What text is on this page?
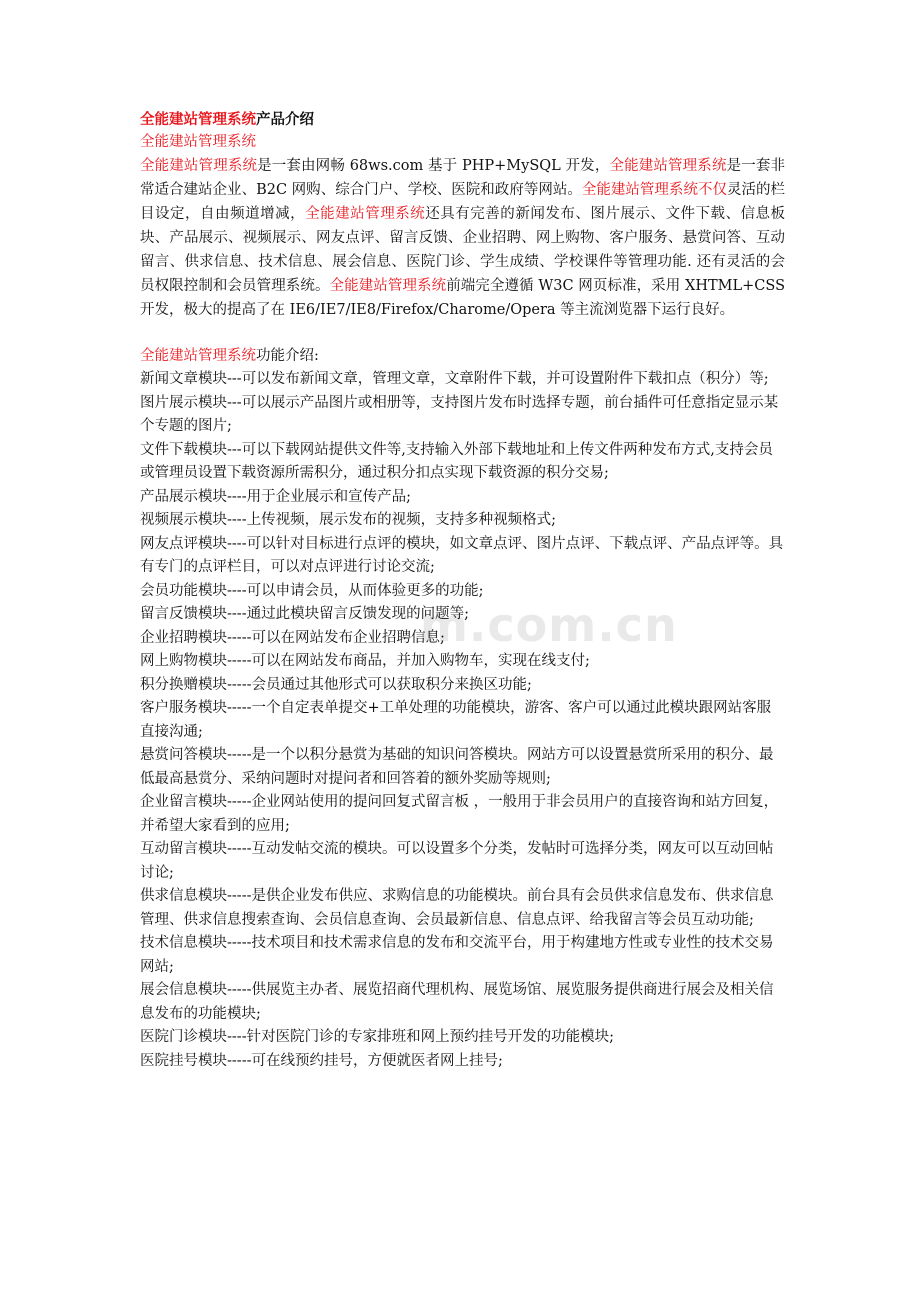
m.com.cn

全能建站管理系统产品介绍

全能建站管理系统

全能建站管理系统是一套由网畅 68ws.com 基于 PHP+MySQL 开发，全能建站管理系统是一套非常适合建站企业、B2C 网购、综合门户、学校、医院和政府等网站。全能建站管理系统不仅灵活的栏目设定，自由频道增减，全能建站管理系统还具有完善的新闻发布、图片展示、文件下载、信息板块、产品展示、视频展示、网友点评、留言反馈、企业招聘、网上购物、客户服务、悬赏问答、互动留言、供求信息、技术信息、展会信息、医院门诊、学生成绩、学校课件等管理功能. 还有灵活的会员权限控制和会员管理系统。全能建站管理系统前端完全遵循 W3C 网页标准，采用 XHTML+CSS 开发，极大的提高了在 IE6/IE7/IE8/Firefox/Charome/Opera 等主流浏览器下运行良好。

全能建站管理系统功能介绍:

新闻文章模块---可以发布新闻文章，管理文章，文章附件下载，并可设置附件下载扣点（积分）等;

图片展示模块---可以展示产品图片或相册等，支持图片发布时选择专题，前台插件可任意指定显示某个专题的图片;

文件下载模块---可以下载网站提供文件等,支持输入外部下载地址和上传文件两种发布方式,支持会员或管理员设置下载资源所需积分，通过积分扣点实现下载资源的积分交易;

产品展示模块----用于企业展示和宣传产品;

视频展示模块----上传视频，展示发布的视频，支持多种视频格式;

网友点评模块----可以针对目标进行点评的模块，如文章点评、图片点评、下载点评、产品点评等。具有专门的点评栏目，可以对点评进行讨论交流;

会员功能模块----可以申请会员，从而体验更多的功能;

留言反馈模块----通过此模块留言反馈发现的问题等;

企业招聘模块-----可以在网站发布企业招聘信息;

网上购物模块-----可以在网站发布商品，并加入购物车，实现在线支付;

积分换赠模块-----会员通过其他形式可以获取积分来换区功能;

客户服务模块-----一个自定表单提交+工单处理的功能模块，游客、客户可以通过此模块跟网站客服直接沟通;

悬赏问答模块-----是一个以积分悬赏为基础的知识问答模块。网站方可以设置悬赏所采用的积分、最低最高悬赏分、采纳问题时对提问者和回答着的额外奖励等规则;

企业留言模块-----企业网站使用的提问回复式留言板 ，一般用于非会员用户的直接咨询和站方回复，并希望大家看到的应用;

互动留言模块-----互动发帖交流的模块。可以设置多个分类，发帖时可选择分类，网友可以互动回帖讨论;

供求信息模块-----是供企业发布供应、求购信息的功能模块。前台具有会员供求信息发布、供求信息管理、供求信息搜索查询、会员信息查询、会员最新信息、信息点评、给我留言等会员互动功能;

技术信息模块-----技术项目和技术需求信息的发布和交流平台，用于构建地方性或专业性的技术交易网站;

展会信息模块-----供展览主办者、展览招商代理机构、展览场馆、展览服务提供商进行展会及相关信息发布的功能模块;

医院门诊模块----针对医院门诊的专家排班和网上预约挂号开发的功能模块;

医院挂号模块-----可在线预约挂号，方便就医者网上挂号;
